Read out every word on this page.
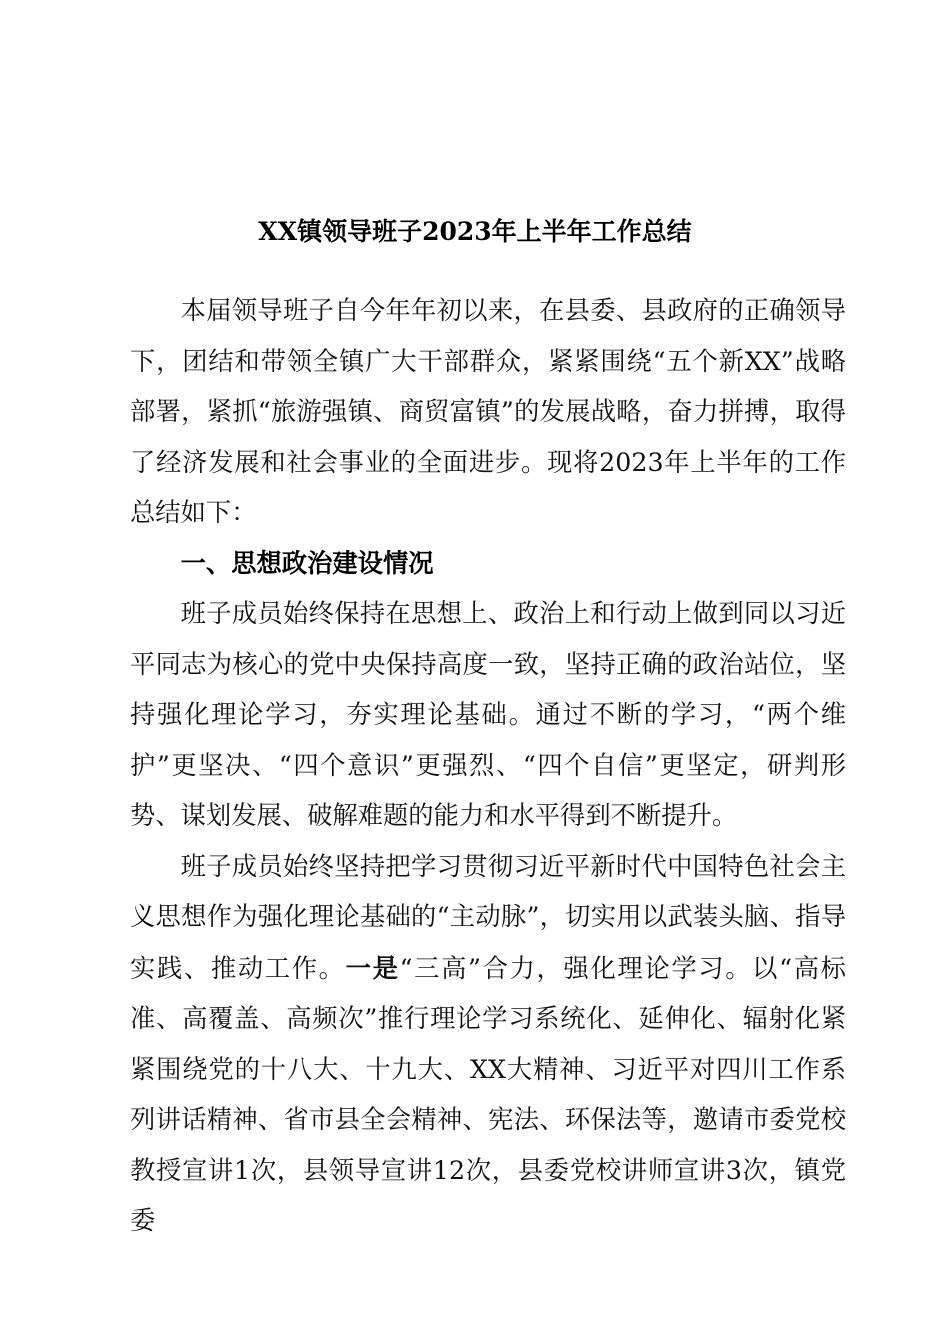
XX镇领导班子2023年上半年工作总结

本届领导班子自今年年初以来，在县委、县政府的正确领导下，团结和带领全镇广大干部群众，紧紧围绕“五个新XX”战略部署，紧抓“旅游强镇、商贸富镇”的发展战略，奋力拼搏，取得了经济发展和社会事业的全面进步。现将2023年上半年的工作总结如下：

一、思想政治建设情况

班子成员始终保持在思想上、政治上和行动上做到同以习近平同志为核心的党中央保持高度一致，坚持正确的政治站位，坚持强化理论学习，夯实理论基础。通过不断的学习，“两个维护”更坚决、“四个意识”更强烈、“四个自信”更坚定，研判形势、谋划发展、破解难题的能力和水平得到不断提升。

班子成员始终坚持把学习贯彻习近平新时代中国特色社会主义思想作为强化理论基础的“主动脉”，切实用以武装头脑、指导实践、推动工作。一是“三高”合力，强化理论学习。以“高标准、高覆盖、高频次”推行理论学习系统化、延伸化、辐射化紧紧围绕党的十八大、十九大、XX大精神、习近平对四川工作系列讲话精神、省市县全会精神、宪法、环保法等，邀请市委党校教授宣讲1次，县领导宣讲12次，县委党校讲师宣讲3次，镇党委
